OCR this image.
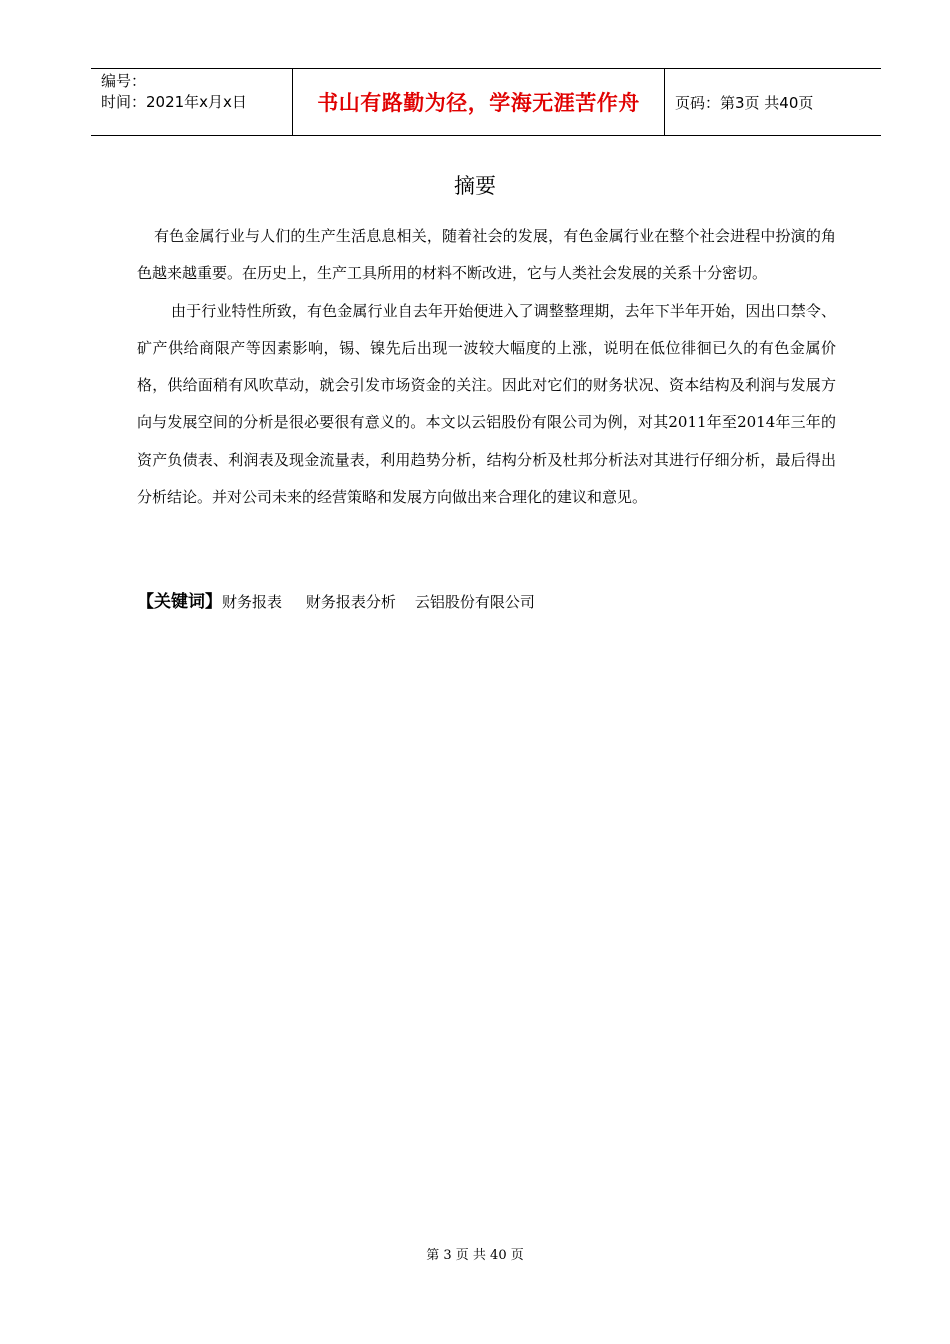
编号：
时间：2021年x月x日	书山有路勤为径，学海无涯苦作舟	页码：第3页 共40页
摘要

有色金属行业与人们的生产生活息息相关，随着社会的发展，有色金属行业在整个社会进程中扮演的角色越来越重要。在历史上，生产工具所用的材料不断改进，它与人类社会发展的关系十分密切。

由于行业特性所致，有色金属行业自去年开始便进入了调整整理期，去年下半年开始，因出口禁令、矿产供给商限产等因素影响，锡、镍先后出现一波较大幅度的上涨，说明在低位徘徊已久的有色金属价格，供给面稍有风吹草动，就会引发市场资金的关注。因此对它们的财务状况、资本结构及利润与发展方向与发展空间的分析是很必要很有意义的。本文以云铝股份有限公司为例，对其2011年至2014年三年的资产负债表、利润表及现金流量表，利用趋势分析，结构分析及杜邦分析法对其进行仔细分析，最后得出分析结论。并对公司未来的经营策略和发展方向做出来合理化的建议和意见。

【关键词】财务报表     财务报表分析    云铝股份有限公司
第 3 页 共 40 页
